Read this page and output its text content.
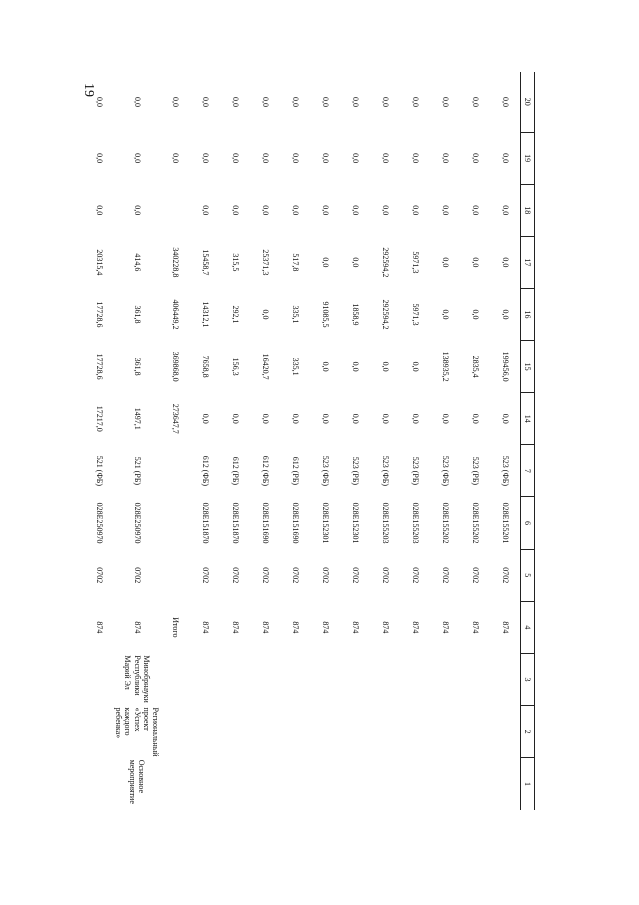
19
20	19	18	17	16	15	14	7	6	5	4	3	2	1
0,0	0,0	0,0	0,0	0,0	199456,0	0,0	523 (ФБ)	028E155201	0702	874			
0,0	0,0	0,0	0,0	0,0	2835,4	0,0	523 (РБ)	028E155202	0702	874			
0,0	0,0	0,0	0,0	0,0	138935,2	0,0	523 (ФБ)	028E155202	0702	874			
0,0	0,0	0,0	5971,3	5971,3	0,0	0,0	523 (РБ)	028E155203	0702	874			
0,0	0,0	0,0	292594,2	292594,2	0,0	0,0	523 (ФБ)	028E155203	0702	874			
0,0	0,0	0,0	0,0	1858,9	0,0	0,0	523 (РБ)	028E152301	0702	874			
0,0	0,0	0,0	0,0	91085,5	0,0	0,0	523 (ФБ)	028E152301	0702	874			
0,0	0,0	0,0	517,8	335,1	335,1	0,0	612 (РБ)	028E151690	0702	874			
0,0	0,0	0,0	25371,3	0,0	16420,7	0,0	612 (ФБ)	028E151690	0702	874			
0,0	0,0	0,0	315,5	292,1	156,3	0,0	612 (РБ)	028E151870	0702	874			
0,0	0,0	0,0	15458,7	14312,1	7658,8	0,0	612 (ФБ)	028E151870	0702	874			
0,0	0,0		340228,8	406449,2	369868,0	273647,7				Итого			
0,0	0,0	0,0	414,6	361,8	361,8	1497,1	521 (РБ)	028E250970	0702	874	Минобрнауки Республики Марий Эл	Региональный проект «Успех каждого ребенка»	Основное мероприятие
0,0	0,0	0,0	20315,4	17728,6	17728,6	17217,0	521 (ФБ)	028E250970	0702	874			
